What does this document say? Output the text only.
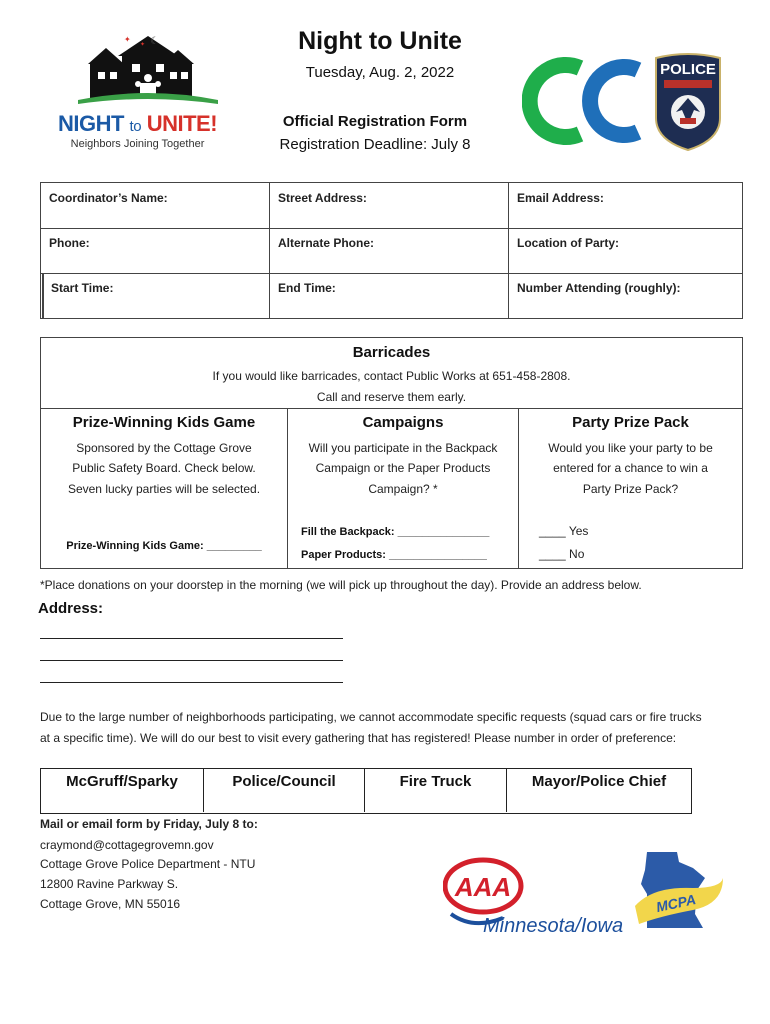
Night to Unite
Tuesday, Aug. 2, 2022
Official Registration Form
Registration Deadline: July 8
✦
✦ ☾
NIGHT to UNITE!
Neighbors Joining Together
POLICE
Coordinator’s Name:	Street Address:	Email Address:
Phone:	Alternate Phone:	Location of Party:
Start Time:	End Time:	Number Attending (roughly):
Barricades
If you would like barricades, contact Public Works at 651-458-2808.
Call and reserve them early.
Prize-Winning Kids Game
Sponsored by the Cottage Grove
Public Safety Board. Check below.
Seven lucky parties will be selected.
Prize-Winning Kids Game: _________
Campaigns
Will you participate in the Backpack
Campaign or the Paper Products
Campaign? *
Fill the Backpack: _______________
Paper Products: ________________
Party Prize Pack
Would you like your party to be
entered for a chance to win a
Party Prize Pack?
____ Yes
____ No
*Place donations on your doorstep in the morning (we will pick up throughout the day). Provide an address below.
Address:
Due to the large number of neighborhoods participating, we cannot accommodate specific requests (squad cars or fire trucks
at a specific time). We will do our best to visit every gathering that has registered! Please number in order of preference:
McGruff/Sparky	Police/Council	Fire Truck	Mayor/Police Chief
Mail or email form by Friday, July 8 to:
craymond@cottagegrovemn.gov
Cottage Grove Police Department - NTU
12800 Ravine Parkway S.
Cottage Grove, MN 55016
AAA
Minnesota/Iowa
MCPA
